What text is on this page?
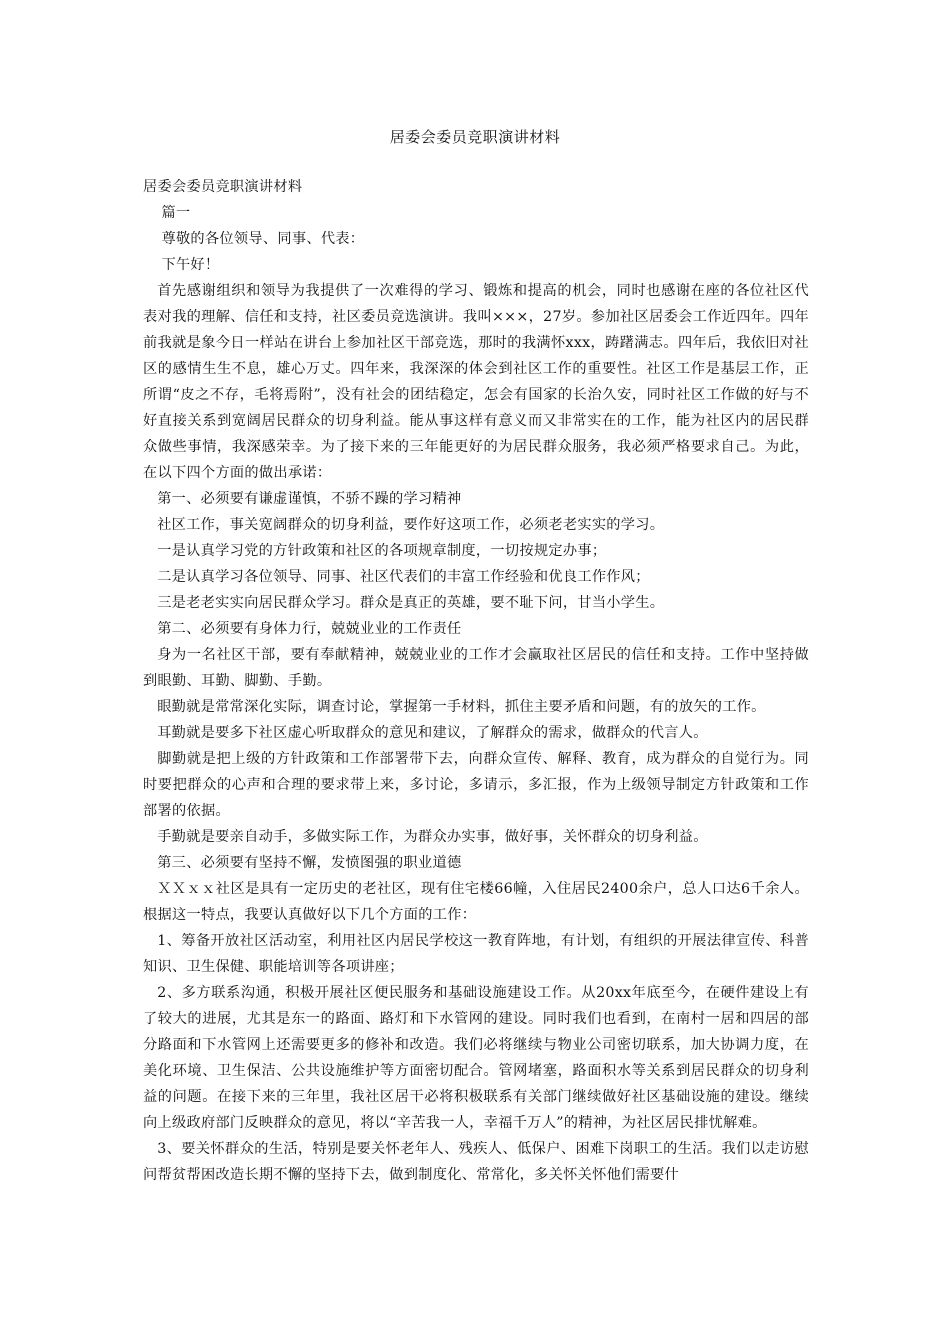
居委会委员竞职演讲材料

居委会委员竞职演讲材料

篇一

尊敬的各位领导、同事、代表：

下午好！

首先感谢组织和领导为我提供了一次难得的学习、锻炼和提高的机会，同时也感谢在座的各位社区代表对我的理解、信任和支持，社区委员竞选演讲。我叫×××，27岁。参加社区居委会工作近四年。四年前我就是象今日一样站在讲台上参加社区干部竞选，那时的我满怀xxx，踌躇满志。四年后，我依旧对社区的感情生生不息，雄心万丈。四年来，我深深的体会到社区工作的重要性。社区工作是基层工作，正所谓“皮之不存，毛将焉附”，没有社会的团结稳定，怎会有国家的长治久安，同时社区工作做的好与不好直接关系到宽阔居民群众的切身利益。能从事这样有意义而又非常实在的工作，能为社区内的居民群众做些事情，我深感荣幸。为了接下来的三年能更好的为居民群众服务，我必须严格要求自己。为此，在以下四个方面的做出承诺：

第一、必须要有谦虚谨慎，不骄不躁的学习精神

社区工作，事关宽阔群众的切身利益，要作好这项工作，必须老老实实的学习。

一是认真学习党的方针政策和社区的各项规章制度，一切按规定办事；

二是认真学习各位领导、同事、社区代表们的丰富工作经验和优良工作作风；

三是老老实实向居民群众学习。群众是真正的英雄，要不耻下问，甘当小学生。

第二、必须要有身体力行，兢兢业业的工作责任

身为一名社区干部，要有奉献精神，兢兢业业的工作才会赢取社区居民的信任和支持。工作中坚持做到眼勤、耳勤、脚勤、手勤。

眼勤就是常常深化实际，调查讨论，掌握第一手材料，抓住主要矛盾和问题，有的放矢的工作。

耳勤就是要多下社区虚心听取群众的意见和建议，了解群众的需求，做群众的代言人。

脚勤就是把上级的方针政策和工作部署带下去，向群众宣传、解释、教育，成为群众的自觉行为。同时要把群众的心声和合理的要求带上来，多讨论，多请示，多汇报，作为上级领导制定方针政策和工作部署的依据。

手勤就是要亲自动手，多做实际工作，为群众办实事，做好事，关怀群众的切身利益。

第三、必须要有坚持不懈，发愤图强的职业道德

ＸＸｘｘ社区是具有一定历史的老社区，现有住宅楼66幢，入住居民2400余户，总人口达6千余人。根据这一特点，我要认真做好以下几个方面的工作：

1、筹备开放社区活动室，利用社区内居民学校这一教育阵地，有计划，有组织的开展法律宣传、科普知识、卫生保健、职能培训等各项讲座；

2、多方联系沟通，积极开展社区便民服务和基础设施建设工作。从20xx年底至今，在硬件建设上有了较大的进展，尤其是东一的路面、路灯和下水管网的建设。同时我们也看到，在南村一居和四居的部分路面和下水管网上还需要更多的修补和改造。我们必将继续与物业公司密切联系，加大协调力度，在美化环境、卫生保洁、公共设施维护等方面密切配合。管网堵塞，路面积水等关系到居民群众的切身利益的问题。在接下来的三年里，我社区居干必将积极联系有关部门继续做好社区基础设施的建设。继续向上级政府部门反映群众的意见，将以“辛苦我一人，幸福千万人”的精神，为社区居民排忧解难。

3、要关怀群众的生活，特别是要关怀老年人、残疾人、低保户、困难下岗职工的生活。我们以走访慰问帮贫帮困改造长期不懈的坚持下去，做到制度化、常常化，多关怀关怀他们需要什
